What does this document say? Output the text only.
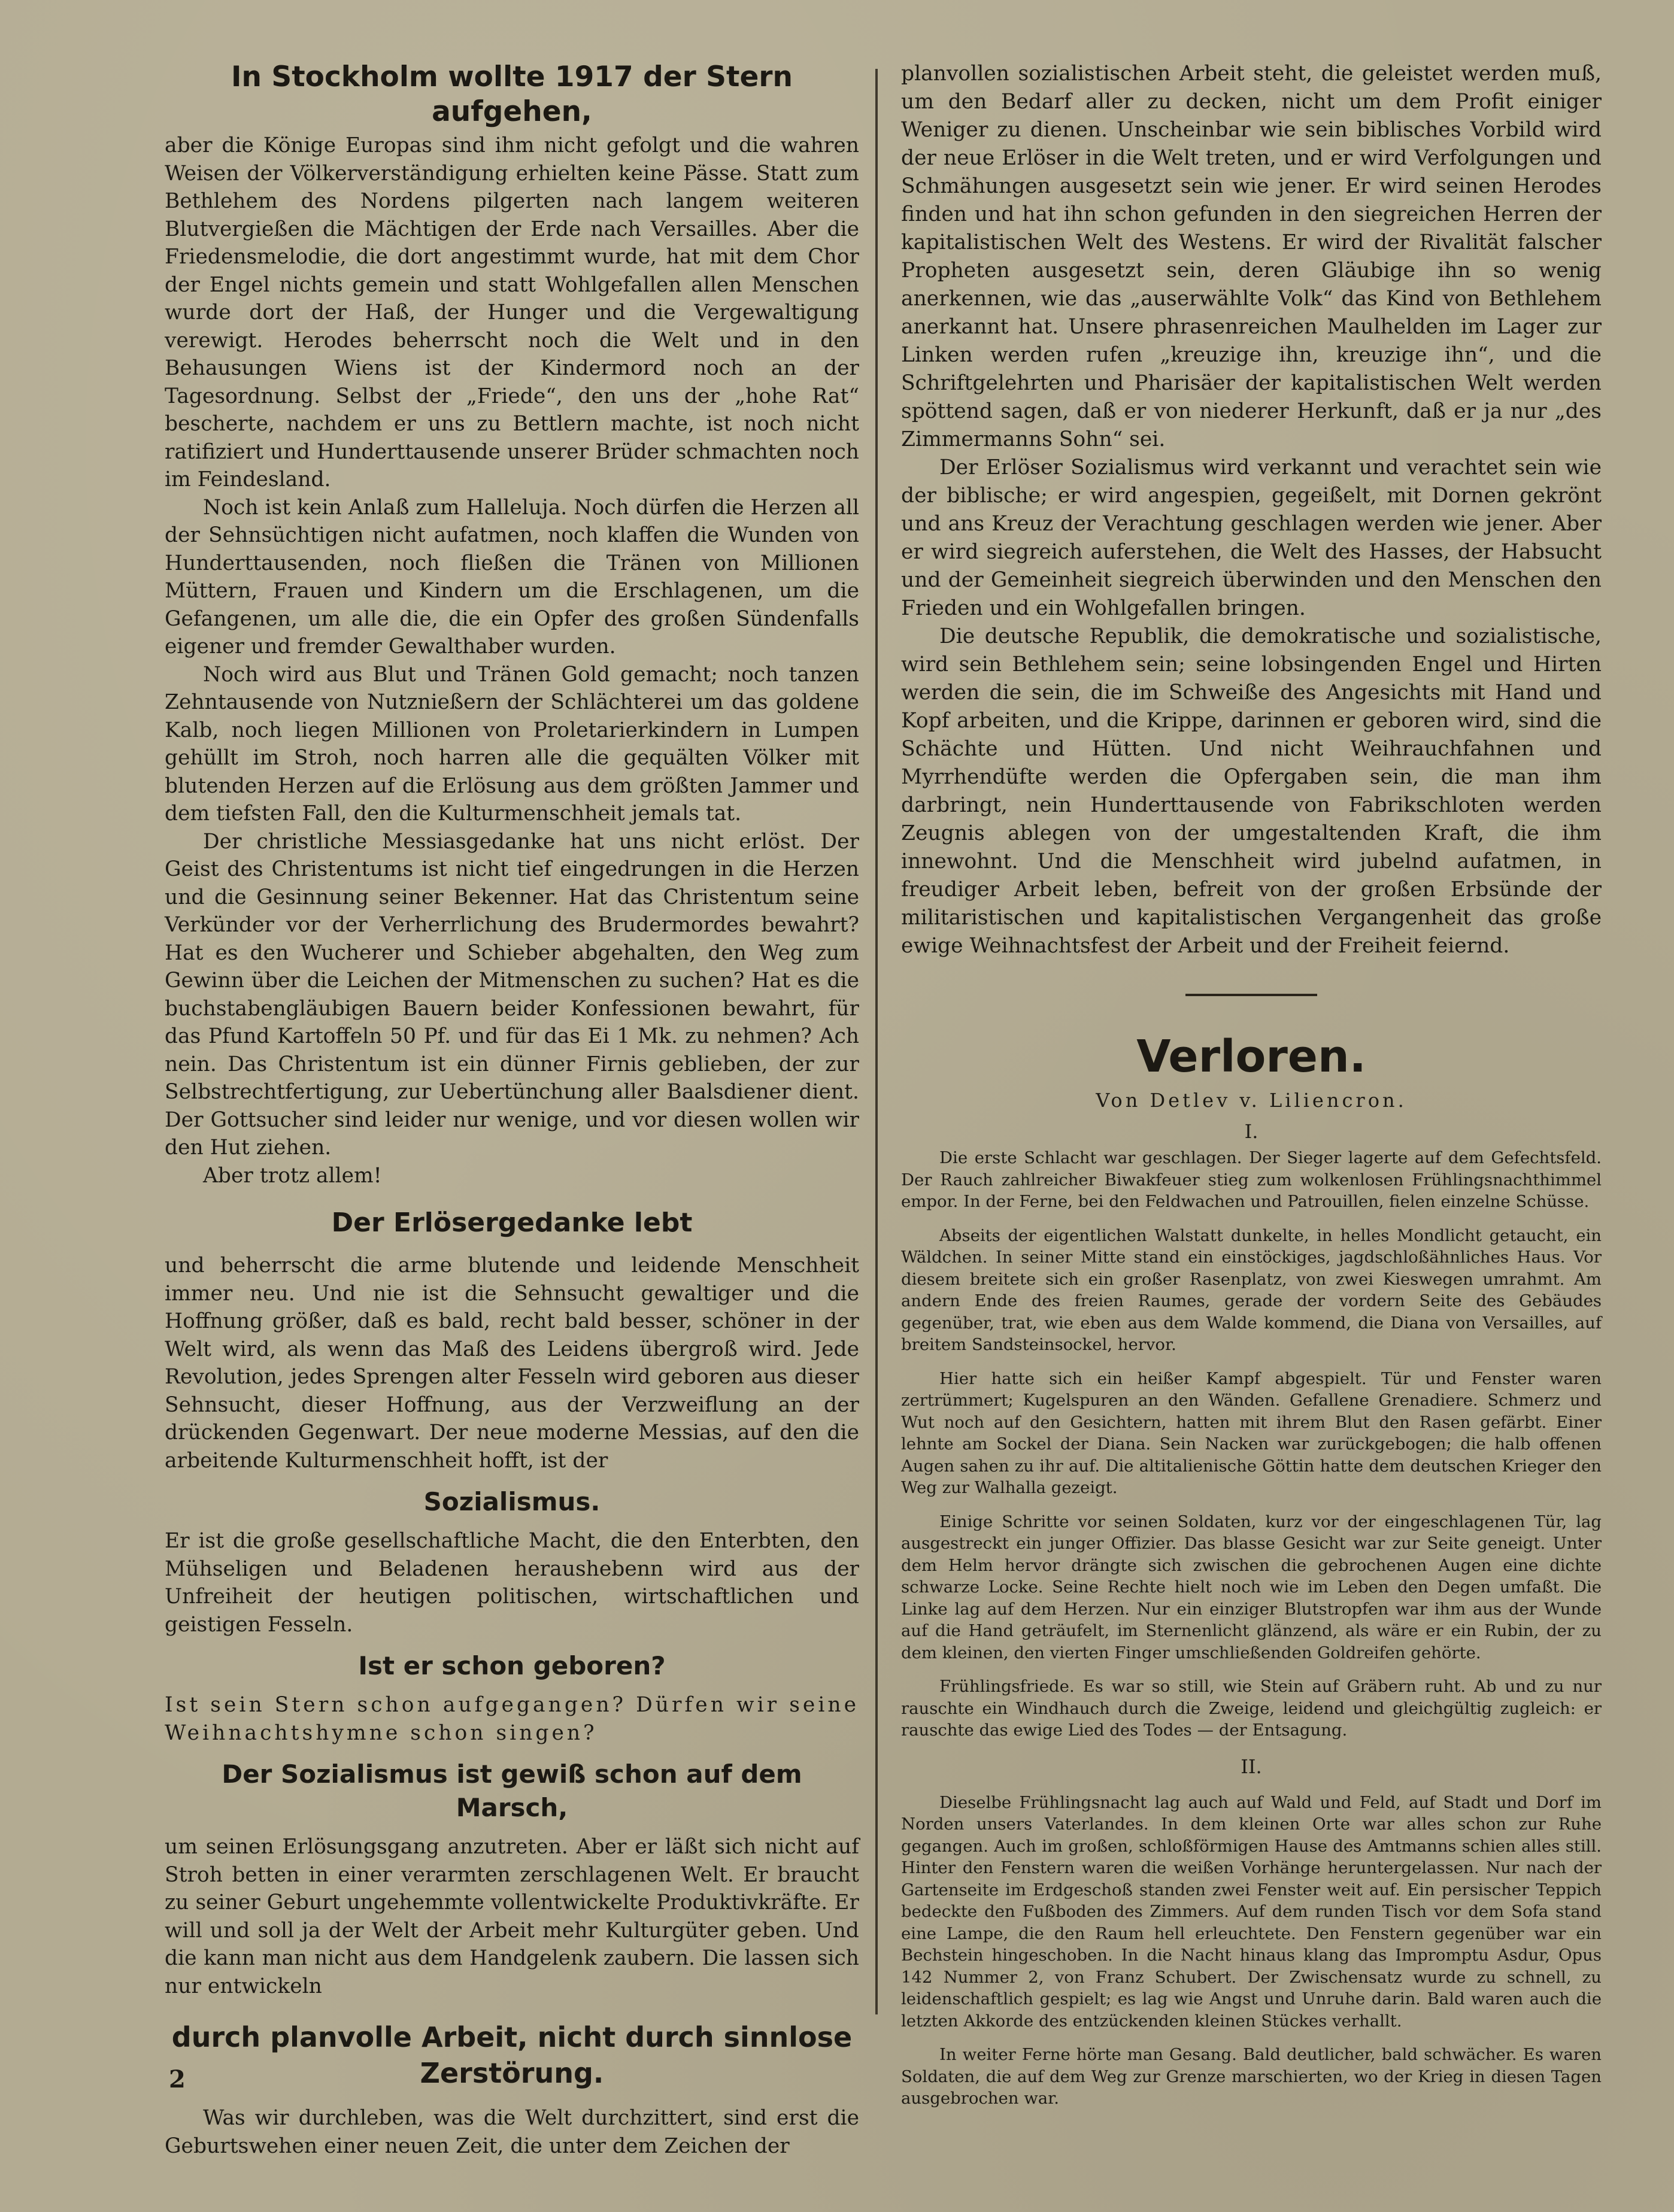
In Stockholm wollte 1917 der Stern aufgehen,

aber die Könige Europas sind ihm nicht gefolgt und die wahren Weisen der Völkerverständigung erhielten keine Pässe. Statt zum Bethlehem des Nordens pilgerten nach langem weiteren Blutvergießen die Mächtigen der Erde nach Versailles. Aber die Friedensmelodie, die dort angestimmt wurde, hat mit dem Chor der Engel nichts gemein und statt Wohlgefallen allen Menschen wurde dort der Haß, der Hunger und die Vergewaltigung verewigt. Herodes beherrscht noch die Welt und in den Behausungen Wiens ist der Kindermord noch an der Tagesordnung. Selbst der „Friede“, den uns der „hohe Rat“ bescherte, nachdem er uns zu Bettlern machte, ist noch nicht ratifiziert und Hunderttausende unserer Brüder schmachten noch im Feindesland.

Noch ist kein Anlaß zum Halleluja. Noch dürfen die Herzen all der Sehnsüchtigen nicht aufatmen, noch klaffen die Wunden von Hunderttausenden, noch fließen die Tränen von Millionen Müttern, Frauen und Kindern um die Erschlagenen, um die Gefangenen, um alle die, die ein Opfer des großen Sündenfalls eigener und fremder Gewalthaber wurden.

Noch wird aus Blut und Tränen Gold gemacht; noch tanzen Zehntausende von Nutznießern der Schlächterei um das goldene Kalb, noch liegen Millionen von Proletarierkindern in Lumpen gehüllt im Stroh, noch harren alle die gequälten Völker mit blutenden Herzen auf die Erlösung aus dem größten Jammer und dem tiefsten Fall, den die Kulturmenschheit jemals tat.

Der christliche Messiasgedanke hat uns nicht erlöst. Der Geist des Christentums ist nicht tief eingedrungen in die Herzen und die Gesinnung seiner Bekenner. Hat das Christentum seine Verkünder vor der Verherrlichung des Brudermordes bewahrt? Hat es den Wucherer und Schieber abgehalten, den Weg zum Gewinn über die Leichen der Mitmenschen zu suchen? Hat es die buchstabengläubigen Bauern beider Konfessionen bewahrt, für das Pfund Kartoffeln 50 Pf. und für das Ei 1 Mk. zu nehmen? Ach nein. Das Christentum ist ein dünner Firnis geblieben, der zur Selbstrechtfertigung, zur Uebertünchung aller Baalsdiener dient. Der Gottsucher sind leider nur wenige, und vor diesen wollen wir den Hut ziehen.

Aber trotz allem!

Der Erlösergedanke lebt

und beherrscht die arme blutende und leidende Menschheit immer neu. Und nie ist die Sehnsucht gewaltiger und die Hoffnung größer, daß es bald, recht bald besser, schöner in der Welt wird, als wenn das Maß des Leidens übergroß wird. Jede Revolution, jedes Sprengen alter Fesseln wird geboren aus dieser Sehnsucht, dieser Hoffnung, aus der Verzweiflung an der drückenden Gegenwart. Der neue moderne Messias, auf den die arbeitende Kulturmenschheit hofft, ist der

Sozialismus.

Er ist die große gesellschaftliche Macht, die den Enterbten, den Mühseligen und Beladenen heraushebenn wird aus der Unfreiheit der heutigen politischen, wirtschaftlichen und geistigen Fesseln.

Ist er schon geboren?

Ist sein Stern schon aufgegangen? Dürfen wir seine Weihnachtshymne schon singen?

Der Sozialismus ist gewiß schon auf dem Marsch,

um seinen Erlösungsgang anzutreten. Aber er läßt sich nicht auf Stroh betten in einer verarmten zerschlagenen Welt. Er braucht zu seiner Geburt ungehemmte vollentwickelte Produktivkräfte. Er will und soll ja der Welt der Arbeit mehr Kulturgüter geben. Und die kann man nicht aus dem Handgelenk zaubern. Die lassen sich nur entwickeln

durch planvolle Arbeit, nicht durch sinnlose Zerstörung.

Was wir durchleben, was die Welt durchzittert, sind erst die Geburtswehen einer neuen Zeit, die unter dem Zeichen der

planvollen sozialistischen Arbeit steht, die geleistet werden muß, um den Bedarf aller zu decken, nicht um dem Profit einiger Weniger zu dienen. Unscheinbar wie sein biblisches Vorbild wird der neue Erlöser in die Welt treten, und er wird Verfolgungen und Schmähungen ausgesetzt sein wie jener. Er wird seinen Herodes finden und hat ihn schon gefunden in den siegreichen Herren der kapitalistischen Welt des Westens. Er wird der Rivalität falscher Propheten ausgesetzt sein, deren Gläubige ihn so wenig anerkennen, wie das „auserwählte Volk“ das Kind von Bethlehem anerkannt hat. Unsere phrasenreichen Maulhelden im Lager zur Linken werden rufen „kreuzige ihn, kreuzige ihn“, und die Schriftgelehrten und Pharisäer der kapitalistischen Welt werden spöttend sagen, daß er von niederer Herkunft, daß er ja nur „des Zimmermanns Sohn“ sei.

Der Erlöser Sozialismus wird verkannt und verachtet sein wie der biblische; er wird angespien, gegeißelt, mit Dornen gekrönt und ans Kreuz der Verachtung geschlagen werden wie jener. Aber er wird siegreich auferstehen, die Welt des Hasses, der Habsucht und der Gemeinheit siegreich überwinden und den Menschen den Frieden und ein Wohlgefallen bringen.

Die deutsche Republik, die demokratische und sozialistische, wird sein Bethlehem sein; seine lobsingenden Engel und Hirten werden die sein, die im Schweiße des Angesichts mit Hand und Kopf arbeiten, und die Krippe, darinnen er geboren wird, sind die Schächte und Hütten. Und nicht Weihrauchfahnen und Myrrhendüfte werden die Opfergaben sein, die man ihm darbringt, nein Hunderttausende von Fabrikschloten werden Zeugnis ablegen von der umgestaltenden Kraft, die ihm innewohnt. Und die Menschheit wird jubelnd aufatmen, in freudiger Arbeit leben, befreit von der großen Erbsünde der militaristischen und kapitalistischen Vergangenheit das große ewige Weihnachtsfest der Arbeit und der Freiheit feiernd.

Verloren.

Von Detlev v. Liliencron.

I.

Die erste Schlacht war geschlagen. Der Sieger lagerte auf dem Gefechtsfeld. Der Rauch zahlreicher Biwakfeuer stieg zum wolkenlosen Frühlingsnachthimmel empor. In der Ferne, bei den Feldwachen und Patrouillen, fielen einzelne Schüsse.

Abseits der eigentlichen Walstatt dunkelte, in helles Mondlicht getaucht, ein Wäldchen. In seiner Mitte stand ein einstöckiges, jagdschloßähnliches Haus. Vor diesem breitete sich ein großer Rasenplatz, von zwei Kieswegen umrahmt. Am andern Ende des freien Raumes, gerade der vordern Seite des Gebäudes gegenüber, trat, wie eben aus dem Walde kommend, die Diana von Versailles, auf breitem Sandsteinsockel, hervor.

Hier hatte sich ein heißer Kampf abgespielt. Tür und Fenster waren zertrümmert; Kugelspuren an den Wänden. Gefallene Grenadiere. Schmerz und Wut noch auf den Gesichtern, hatten mit ihrem Blut den Rasen gefärbt. Einer lehnte am Sockel der Diana. Sein Nacken war zurückgebogen; die halb offenen Augen sahen zu ihr auf. Die altitalienische Göttin hatte dem deutschen Krieger den Weg zur Walhalla gezeigt.

Einige Schritte vor seinen Soldaten, kurz vor der eingeschlagenen Tür, lag ausgestreckt ein junger Offizier. Das blasse Gesicht war zur Seite geneigt. Unter dem Helm hervor drängte sich zwischen die gebrochenen Augen eine dichte schwarze Locke. Seine Rechte hielt noch wie im Leben den Degen umfaßt. Die Linke lag auf dem Herzen. Nur ein einziger Blutstropfen war ihm aus der Wunde auf die Hand geträufelt, im Sternenlicht glänzend, als wäre er ein Rubin, der zu dem kleinen, den vierten Finger umschließenden Goldreifen gehörte.

Frühlingsfriede. Es war so still, wie Stein auf Gräbern ruht. Ab und zu nur rauschte ein Windhauch durch die Zweige, leidend und gleichgültig zugleich: er rauschte das ewige Lied des Todes — der Entsagung.

II.

Dieselbe Frühlingsnacht lag auch auf Wald und Feld, auf Stadt und Dorf im Norden unsers Vaterlandes. In dem kleinen Orte war alles schon zur Ruhe gegangen. Auch im großen, schloßförmigen Hause des Amtmanns schien alles still. Hinter den Fenstern waren die weißen Vorhänge heruntergelassen. Nur nach der Gartenseite im Erdgeschoß standen zwei Fenster weit auf. Ein persischer Teppich bedeckte den Fußboden des Zimmers. Auf dem runden Tisch vor dem Sofa stand eine Lampe, die den Raum hell erleuchtete. Den Fenstern gegenüber war ein Bechstein hingeschoben. In die Nacht hinaus klang das Impromptu Asdur, Opus 142 Nummer 2, von Franz Schubert. Der Zwischensatz wurde zu schnell, zu leidenschaftlich gespielt; es lag wie Angst und Unruhe darin. Bald waren auch die letzten Akkorde des entzückenden kleinen Stückes verhallt.

In weiter Ferne hörte man Gesang. Bald deutlicher, bald schwächer. Es waren Soldaten, die auf dem Weg zur Grenze marschierten, wo der Krieg in diesen Tagen ausgebrochen war.

2
